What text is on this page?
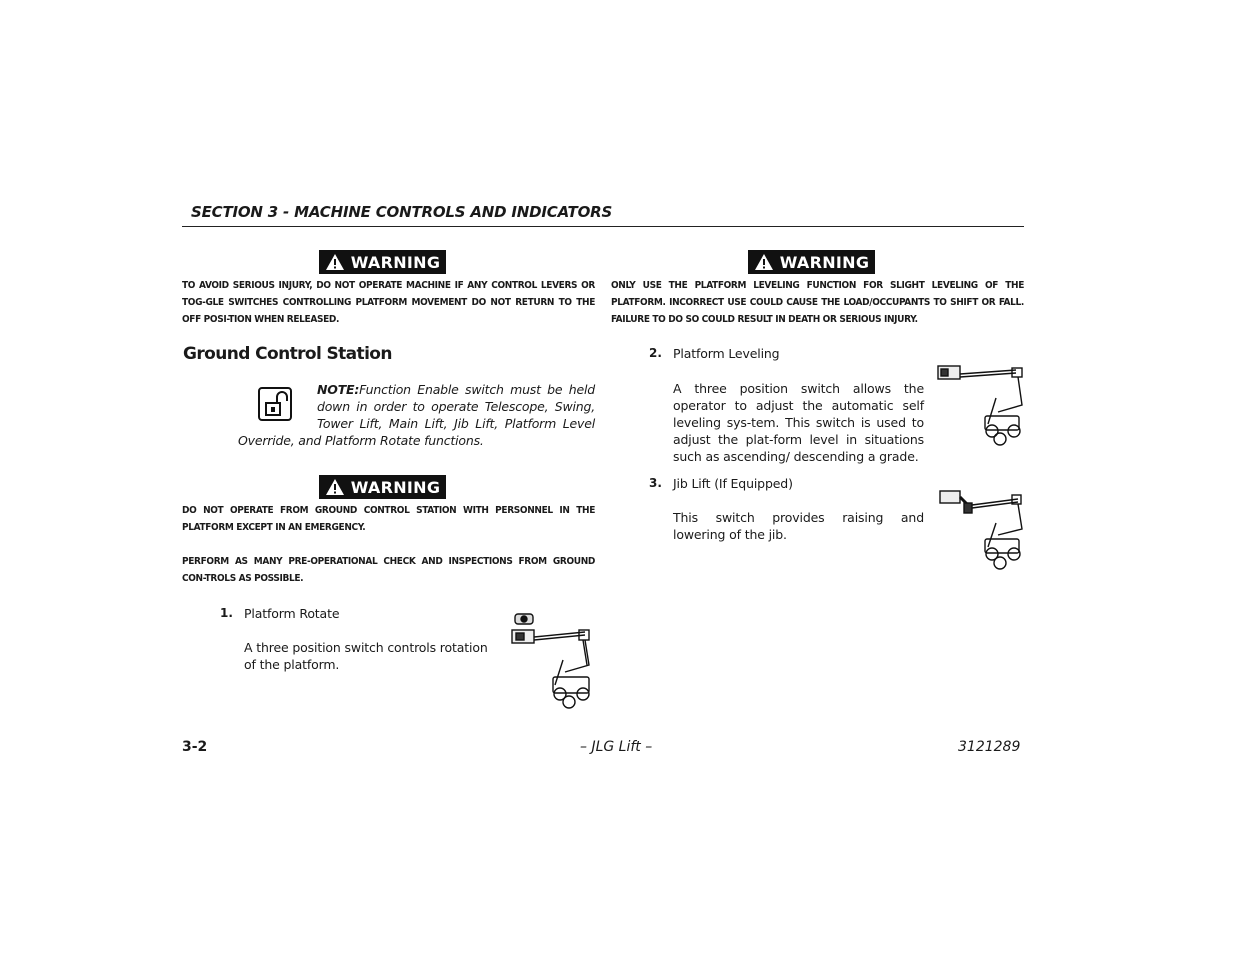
SECTION 3 - MACHINE CONTROLS AND INDICATORS
WARNING
TO AVOID SERIOUS INJURY, DO NOT OPERATE MACHINE IF ANY CONTROL LEVERS OR TOG-GLE SWITCHES CONTROLLING PLATFORM MOVEMENT DO NOT RETURN TO THE OFF POSI-TION WHEN RELEASED.
Ground Control Station
NOTE:Function Enable switch must be held down in order to operate Telescope, Swing, Tower Lift, Main Lift, Jib Lift, Platform Level Override, and Platform Rotate functions.
WARNING
DO NOT OPERATE FROM GROUND CONTROL STATION WITH PERSONNEL IN THE PLATFORM EXCEPT IN AN EMERGENCY.
PERFORM AS MANY PRE-OPERATIONAL CHECK AND INSPECTIONS FROM GROUND CON-TROLS AS POSSIBLE.
1. Platform Rotate
A three position switch controls rotation of the platform.
3-2	– JLG Lift –	3121289
WARNING
ONLY USE THE PLATFORM LEVELING FUNCTION FOR SLIGHT LEVELING OF THE PLATFORM. INCORRECT USE COULD CAUSE THE LOAD/OCCUPANTS TO SHIFT OR FALL. FAILURE TO DO SO COULD RESULT IN DEATH OR SERIOUS INJURY.
2. Platform Leveling
A three position switch allows the operator to adjust the automatic self leveling sys-tem. This switch is used to adjust the plat-form level in situations such as ascending/ descending a grade.
3. Jib Lift (If Equipped)
This switch provides raising and lowering of the jib.
